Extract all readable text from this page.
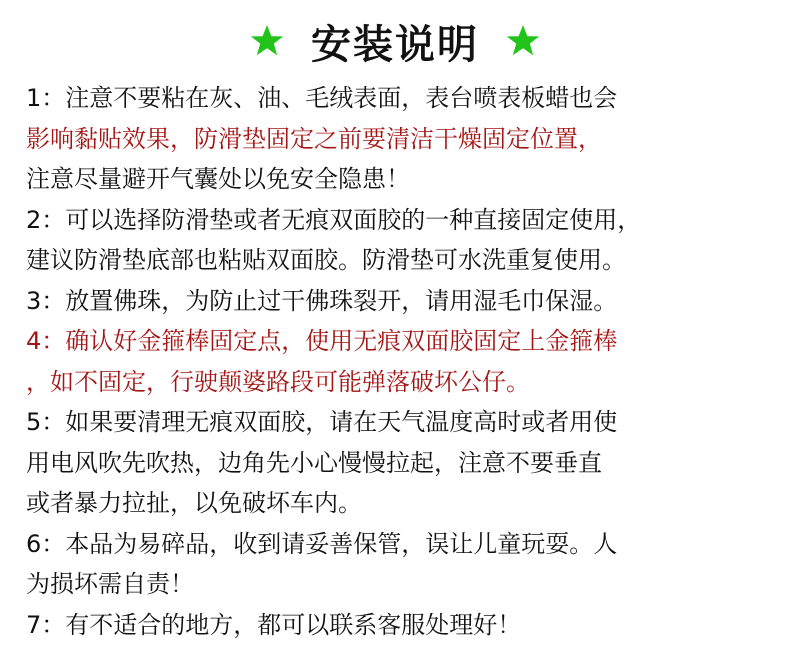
安装说明
1：注意不要粘在灰、油、毛绒表面，表台喷表板蜡也会
影响黏贴效果，防滑垫固定之前要清洁干燥固定位置，
注意尽量避开气囊处以免安全隐患！
2：可以选择防滑垫或者无痕双面胶的一种直接固定使用，
建议防滑垫底部也粘贴双面胶。防滑垫可水洗重复使用。
3：放置佛珠，为防止过干佛珠裂开，请用湿毛巾保湿。
4：确认好金箍棒固定点，使用无痕双面胶固定上金箍棒
，如不固定，行驶颠婆路段可能弹落破坏公仔。
5：如果要清理无痕双面胶，请在天气温度高时或者用使
用电风吹先吹热，边角先小心慢慢拉起，注意不要垂直
或者暴力拉扯，以免破坏车内。
6：本品为易碎品，收到请妥善保管，误让儿童玩耍。人
为损坏需自责！
7：有不适合的地方，都可以联系客服处理好！
